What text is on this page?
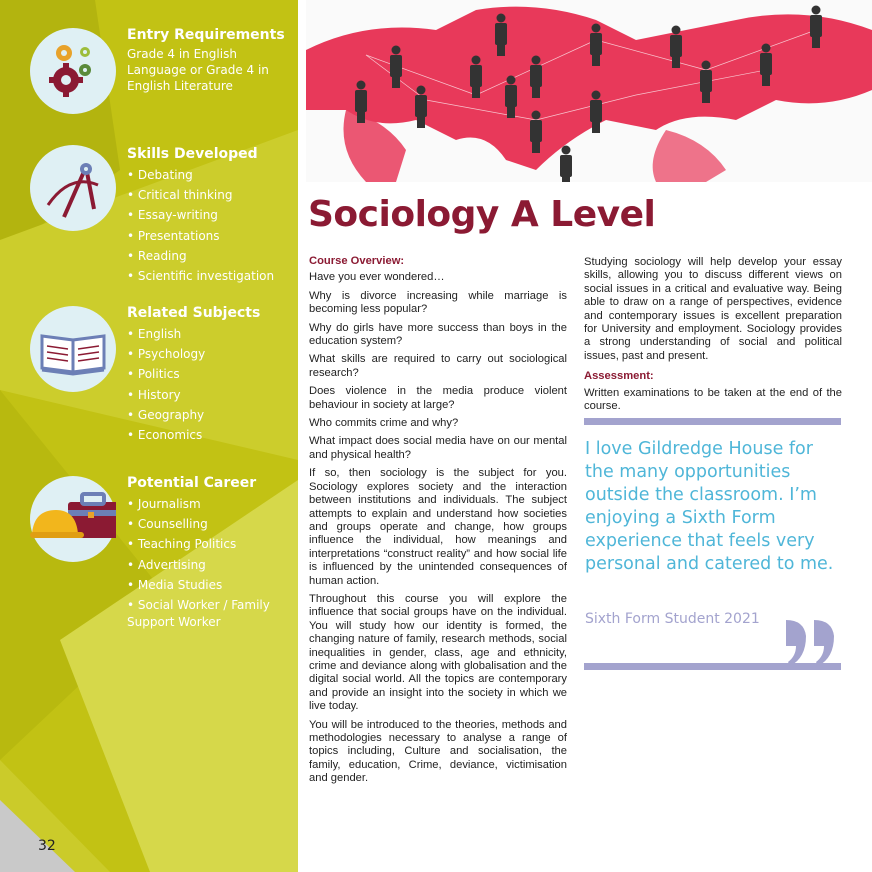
Entry Requirements

Grade 4 in English

Language or Grade 4 in

English Literature

Skills Developed
• Debating
• Critical thinking
• Essay-writing
• Presentations
• Reading
• Scientific investigation
Related Subjects
• English
• Psychology
• Politics
• History
• Geography
• Economics
Potential Career
• Journalism
• Counselling
• Teaching Politics
• Advertising
• Media Studies
• Social Worker / Family Support Worker
32
Sociology A Level

Course Overview:

Have you ever wondered…

Why is divorce increasing while marriage is becoming less popular?

Why do girls have more success than boys in the education system?

What skills are required to carry out sociological research?

Does violence in the media produce violent behaviour in society at large?

Who commits crime and why?

What impact does social media have on our mental and physical health?

If so, then sociology is the subject for you. Sociology explores society and the interaction between institutions and individuals. The subject attempts to explain and understand how societies and groups operate and change, how groups influence the individual, how meanings and interpretations “construct reality” and how social life is influenced by the unintended consequences of human action.

Throughout this course you will explore the influence that social groups have on the individual. You will study how our identity is formed, the changing nature of family, research methods, social inequalities in gender, class, age and ethnicity, crime and deviance along with globalisation and the digital social world. All the topics are contemporary and provide an insight into the society in which we live today.

You will be introduced to the theories, methods and methodologies necessary to analyse a range of topics including, Culture and socialisation, the family, education, Crime, deviance, victimisation and gender.

Studying sociology will help develop your essay skills, allowing you to discuss different views on social issues in a critical and evaluative way. Being able to draw on a range of perspectives, evidence and contemporary issues is excellent preparation for University and employment. Sociology provides a strong understanding of social and political issues, past and present.

Assessment:

Written examinations to be taken at the end of the course.

I love Gildredge House for the many opportunities outside the classroom. I’m enjoying a Sixth Form experience that feels very personal and catered to me.
Sixth Form Student 2021
